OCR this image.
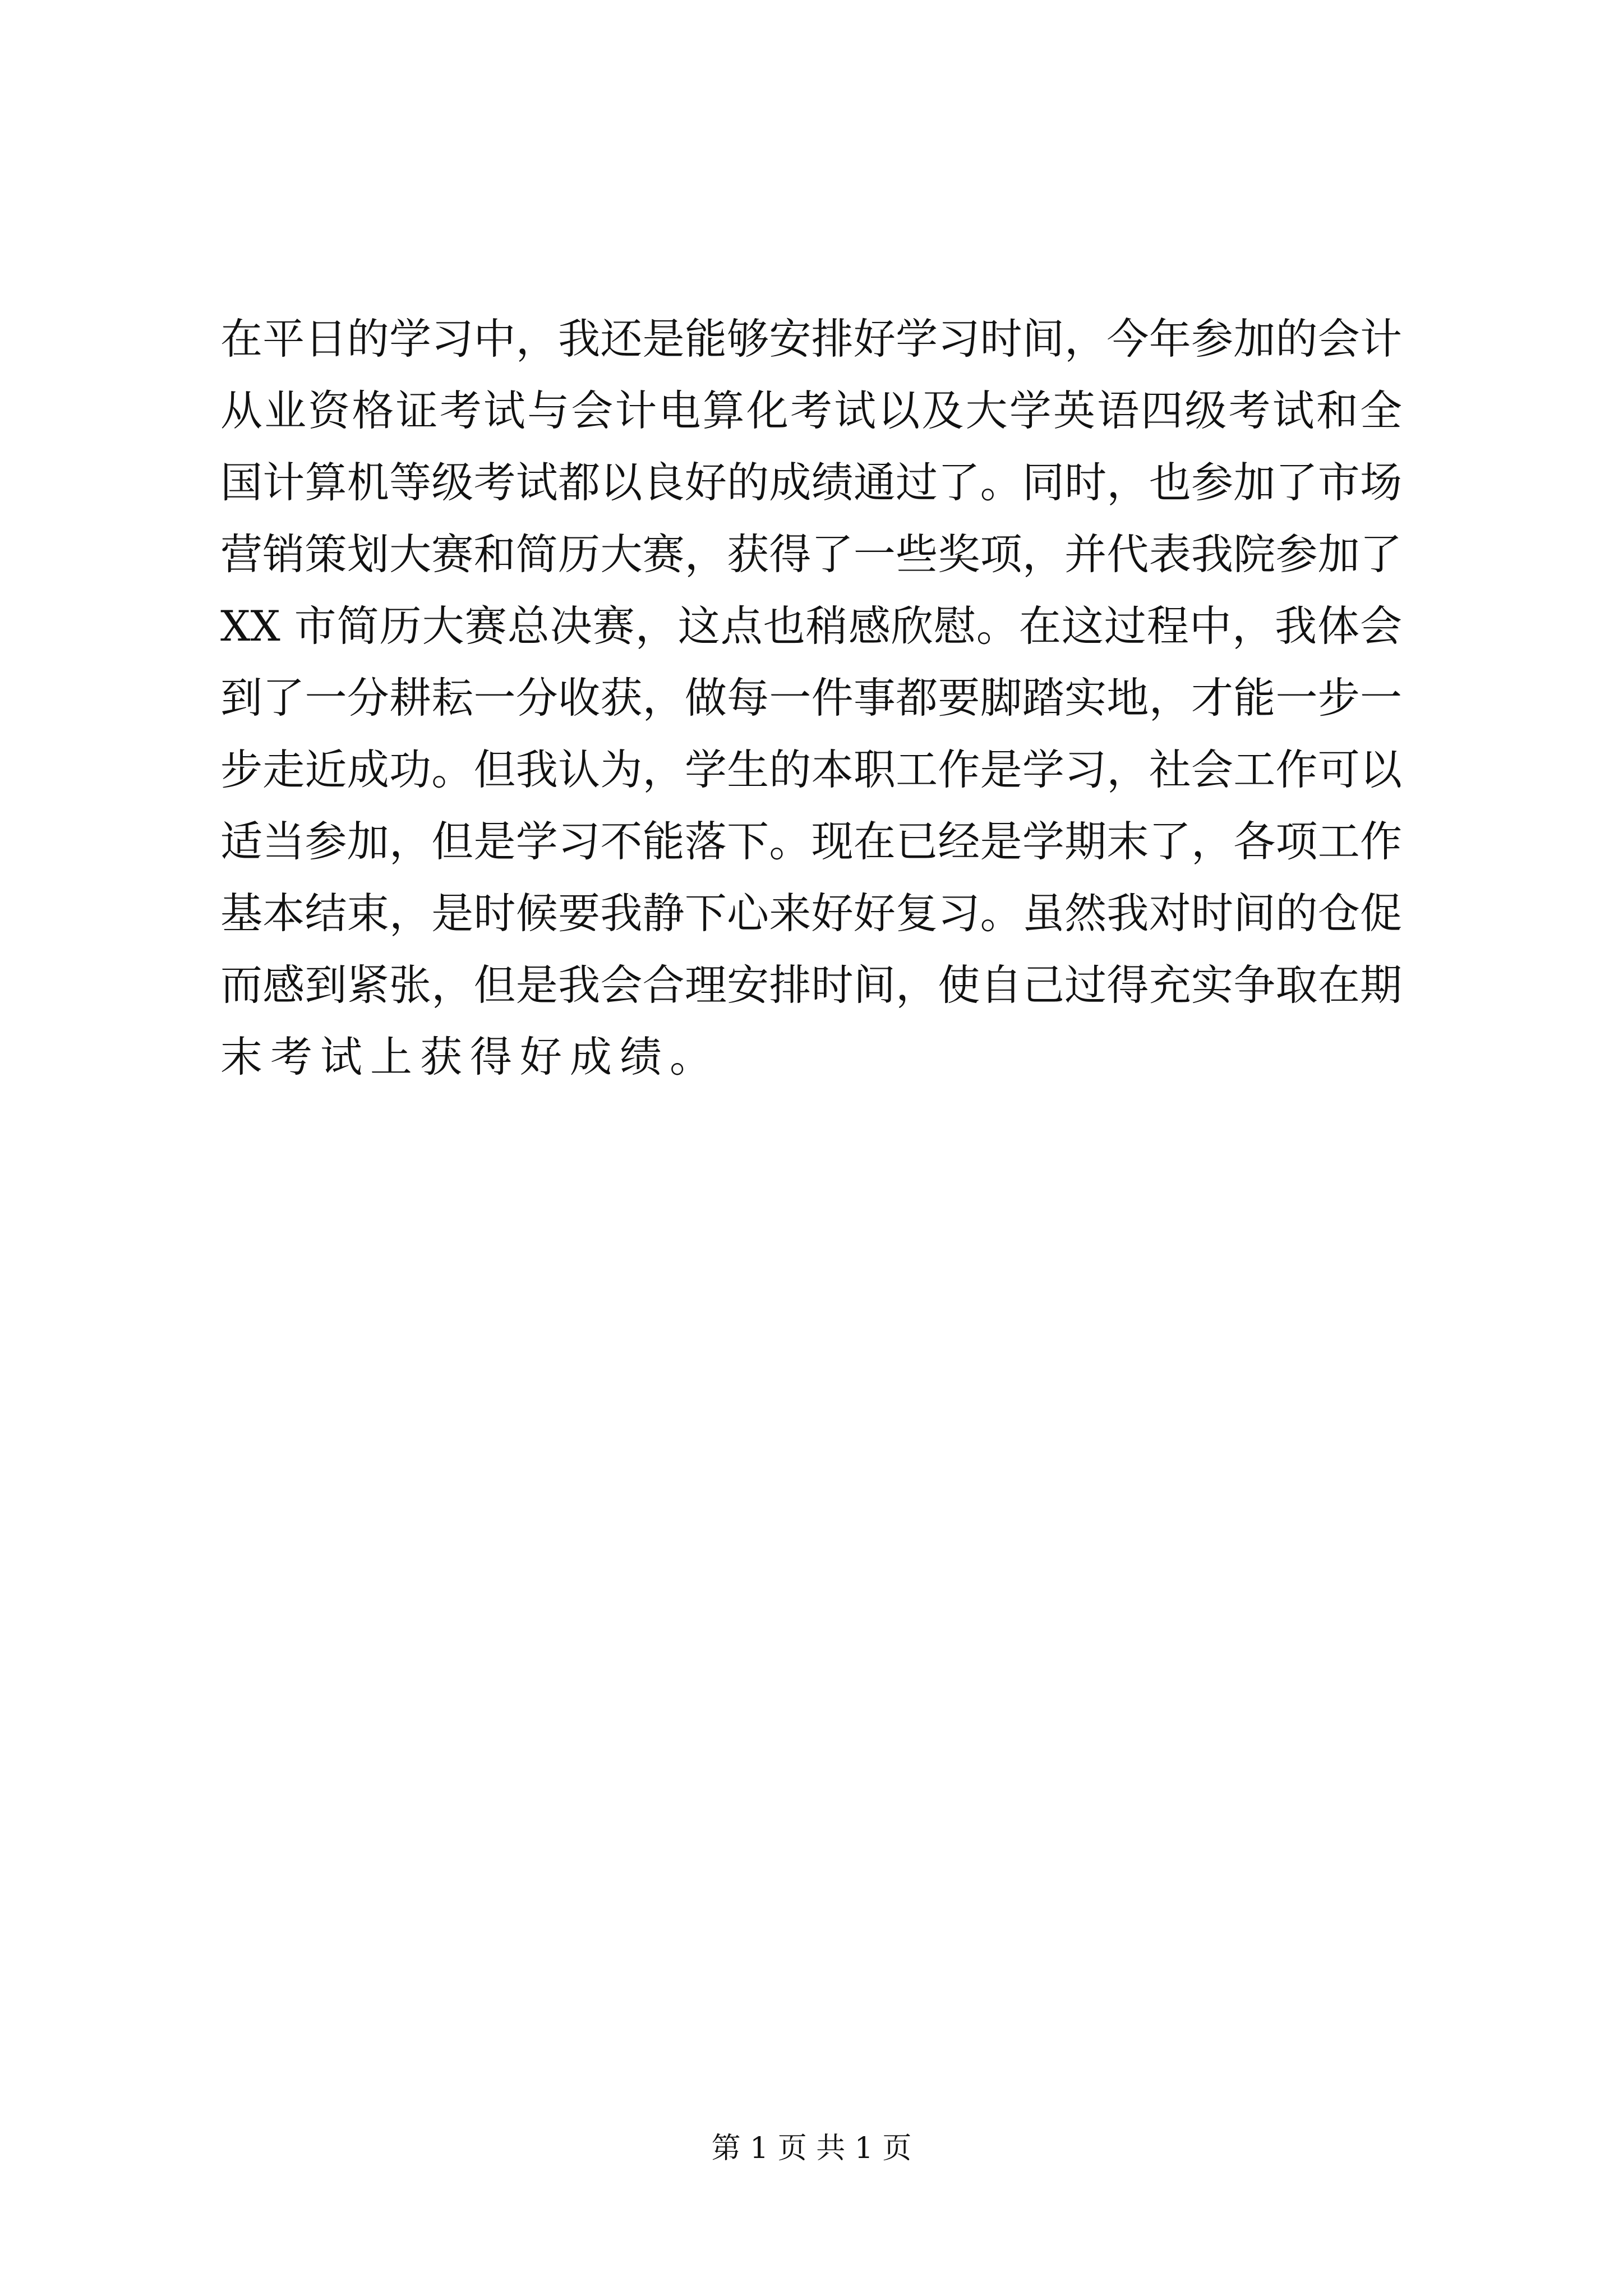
在平日的学习中，我还是能够安排好学习时间，今年参加的会计
从业资格证考试与会计电算化考试以及大学英语四级考试和全
国计算机等级考试都以良好的成绩通过了。同时，也参加了市场
营销策划大赛和简历大赛，获得了一些奖项，并代表我院参加了
XX 市简历大赛总决赛，这点也稍感欣慰。在这过程中，我体会
到了一分耕耘一分收获，做每一件事都要脚踏实地，才能一步一
步走近成功。但我认为，学生的本职工作是学习，社会工作可以
适当参加，但是学习不能落下。现在已经是学期末了，各项工作
基本结束，是时候要我静下心来好好复习。虽然我对时间的仓促
而感到紧张，但是我会合理安排时间，使自己过得充实争取在期
末考试上获得好成绩。
第 1 页 共 1 页
